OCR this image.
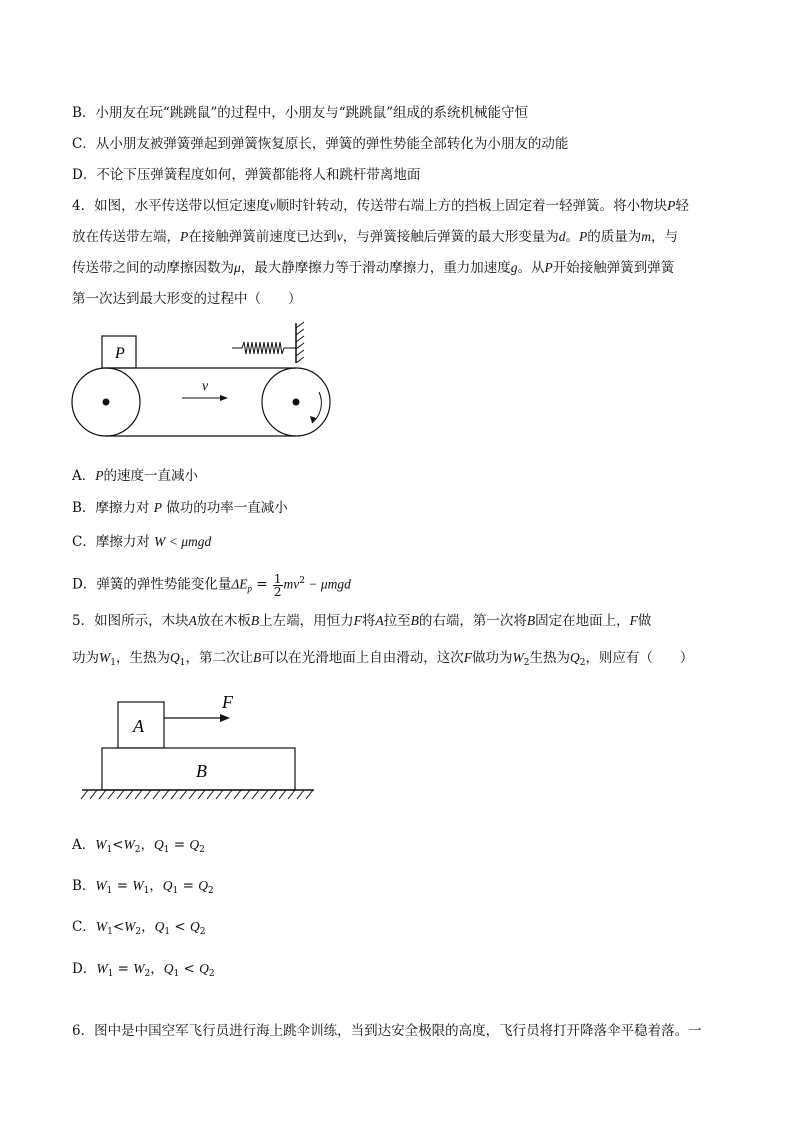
B．小朋友在玩“跳跳鼠”的过程中，小朋友与“跳跳鼠”组成的系统机械能守恒
C．从小朋友被弹簧弹起到弹簧恢复原长，弹簧的弹性势能全部转化为小朋友的动能
D．不论下压弹簧程度如何，弹簧都能将人和跳杆带离地面
4．如图，水平传送带以恒定速度v顺时针转动，传送带右端上方的挡板上固定着一轻弹簧。将小物块P轻
放在传送带左端，P在接触弹簧前速度已达到v，与弹簧接触后弹簧的最大形变量为d。P的质量为m，与
传送带之间的动摩擦因数为μ，最大静摩擦力等于滑动摩擦力，重力加速度g。从P开始接触弹簧到弹簧
第一次达到最大形变的过程中（　　）
P
v
A．P的速度一直减小
B．摩擦力对 P 做功的功率一直减小
C．摩擦力对 W < μmgd
D．弹簧的弹性势能变化量$\Delta E_p = \frac{1}{2} mv^2 - \mu mgd$
5．如图所示，木块A放在木板B上左端，用恒力F将A拉至B的右端，第一次将B固定在地面上，F做
功为$W_1$，生热为$Q_1$，第二次让B可以在光滑地面上自由滑动，这次F做功为$W_2$生热为$Q_2$，则应有（　　）
A
F
B
A．$W_1<W_2$，$Q_1 = Q_2$
B．$W_1 = W_1$，$Q_1 = Q_2$
C．$W_1<W_2$，$Q_1 < Q_2$
D．$W_1 = W_2$，$Q_1 < Q_2$
6．图中是中国空军飞行员进行海上跳伞训练，当到达安全极限的高度，飞行员将打开降落伞平稳着落。一
